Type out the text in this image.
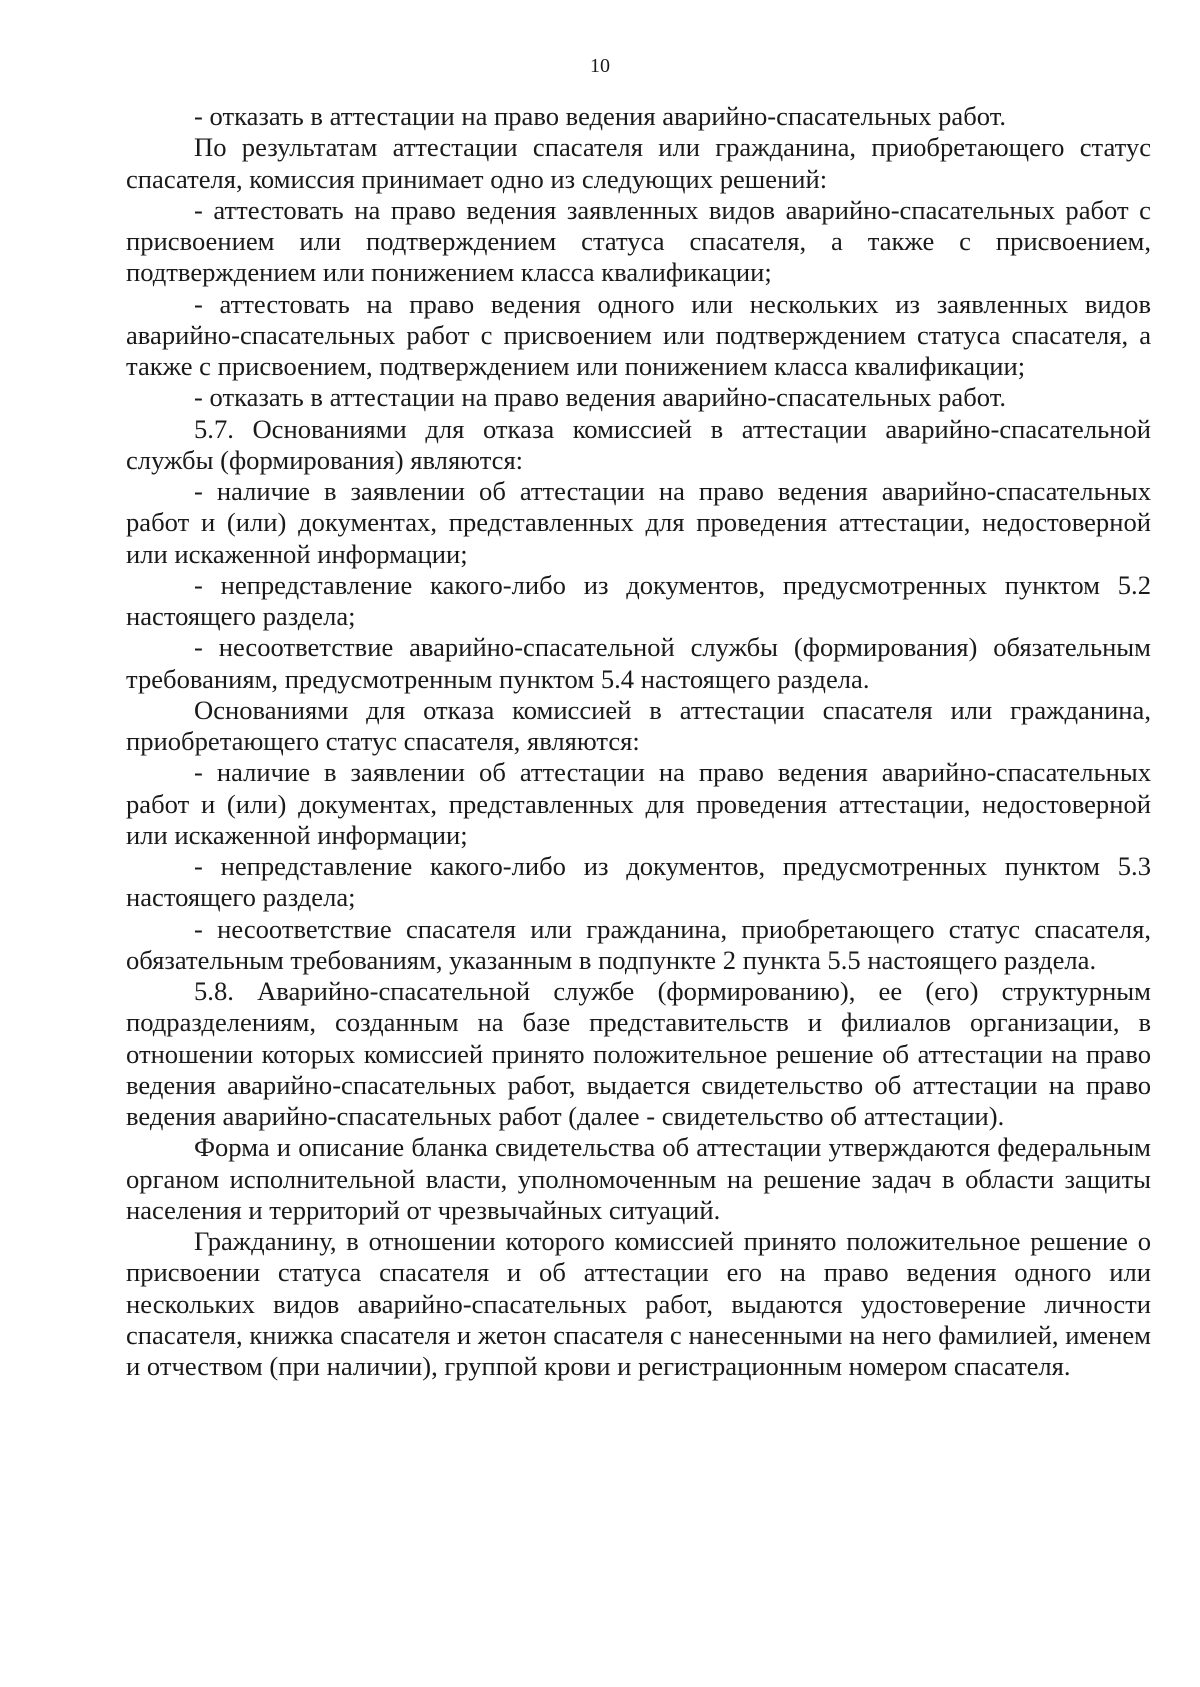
10

- отказать в аттестации на право ведения аварийно-спасательных работ.

По результатам аттестации спасателя или гражданина, приобретающего статус спасателя, комиссия принимает одно из следующих решений:

- аттестовать на право ведения заявленных видов аварийно-спасательных работ с присвоением или подтверждением статуса спасателя, а также с присвоением, подтверждением или понижением класса квалификации;

- аттестовать на право ведения одного или нескольких из заявленных видов аварийно-спасательных работ с присвоением или подтверждением статуса спасателя, а также с присвоением, подтверждением или понижением класса квалификации;

- отказать в аттестации на право ведения аварийно-спасательных работ.

5.7. Основаниями для отказа комиссией в аттестации аварийно-спасательной службы (формирования) являются:

- наличие в заявлении об аттестации на право ведения аварийно-спасательных работ и (или) документах, представленных для проведения аттестации, недостоверной или искаженной информации;

- непредставление какого-либо из документов, предусмотренных пунктом 5.2 настоящего раздела;

- несоответствие аварийно-спасательной службы (формирования) обязательным требованиям, предусмотренным пунктом 5.4 настоящего раздела.

Основаниями для отказа комиссией в аттестации спасателя или гражданина, приобретающего статус спасателя, являются:

- наличие в заявлении об аттестации на право ведения аварийно-спасательных работ и (или) документах, представленных для проведения аттестации, недостоверной или искаженной информации;

- непредставление какого-либо из документов, предусмотренных пунктом 5.3 настоящего раздела;

- несоответствие спасателя или гражданина, приобретающего статус спасателя, обязательным требованиям, указанным в подпункте 2 пункта 5.5 настоящего раздела.

5.8. Аварийно-спасательной службе (формированию), ее (его) структурным подразделениям, созданным на базе представительств и филиалов организации, в отношении которых комиссией принято положительное решение об аттестации на право ведения аварийно-спасательных работ, выдается свидетельство об аттестации на право ведения аварийно-спасательных работ (далее - свидетельство об аттестации).

Форма и описание бланка свидетельства об аттестации утверждаются федеральным органом исполнительной власти, уполномоченным на решение задач в области защиты населения и территорий от чрезвычайных ситуаций.

Гражданину, в отношении которого комиссией принято положительное решение о присвоении статуса спасателя и об аттестации его на право ведения одного или нескольких видов аварийно-спасательных работ, выдаются удостоверение личности спасателя, книжка спасателя и жетон спасателя с нанесенными на него фамилией, именем и отчеством (при наличии), группой крови и регистрационным номером спасателя.
